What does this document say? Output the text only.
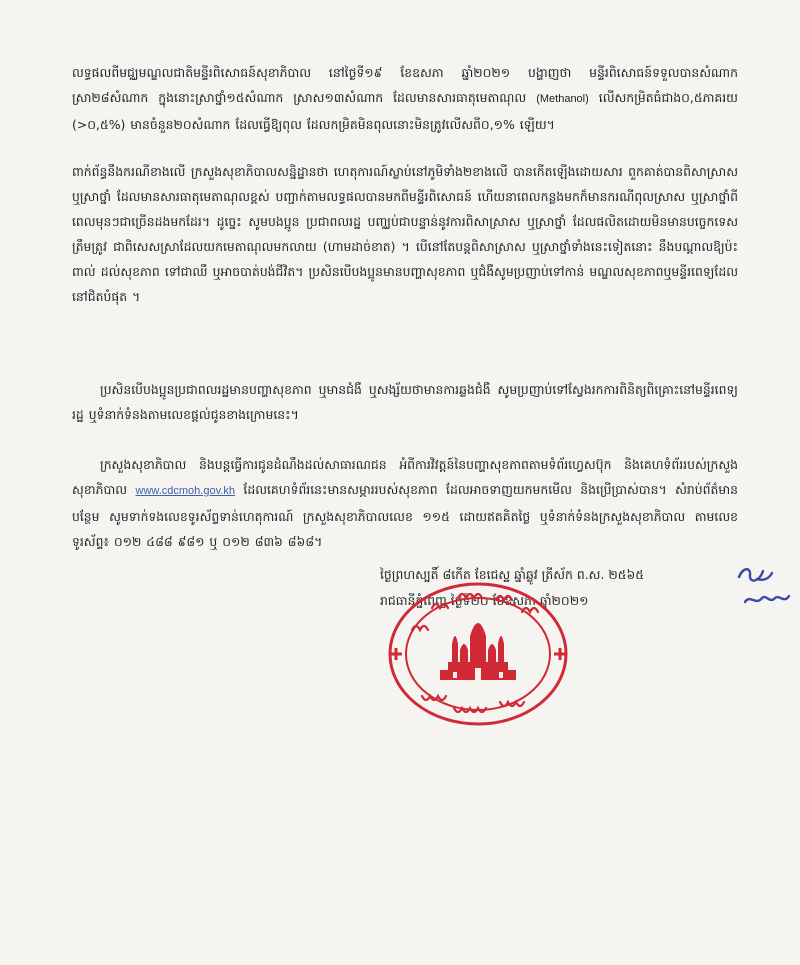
លទ្ធផលពីមជ្ឈមណ្ឌលជាតិមន្ទីរពិសោធន៍សុខាភិបាល នៅថ្ងៃទី១៩ ខែឧសភា ឆ្នាំ២០២១ បង្ហាញថា មន្ទីរពិសោធន៍ទទួលបានសំណាកស្រា២៨សំណាក ក្នុងនោះស្រាថ្នាំ១៥សំណាក ស្រាស១៣សំណាក ដែលមានសារធាតុមេតាណុល (Methanol) លើសកម្រិតធំជាង០,៥ភាគរយ (>០,៥%) មានចំនួន២០សំណាក ដែលធ្វើឱ្យពុល ដែលកម្រិតមិនពុលនោះមិនត្រូវលើសពី០,១% ឡើយ។
ពាក់ព័ន្ធនឹងករណីខាងលើ ក្រសួងសុខាភិបាលសន្និដ្ឋានថា ហេតុការណ៍ស្លាប់នៅភូមិទាំង២ខាងលើ បានកើតឡើងដោយសារ ពួកគាត់បានពិសាស្រាស ឬស្រាថ្នាំ ដែលមានសារធាតុមេតាណុលខ្ពស់ បញ្ជាក់តាមលទ្ធផលបានមកពីមន្ទីរពិសោធន៍ ហើយនាពេលកន្លងមកក៏មានករណីពុលស្រាស ឬស្រាថ្នាំពីពេលមុនៗជាច្រើនដងមកដែរ។ ដូច្នេះ សូមបងប្អូន ប្រជាពលរដ្ឋ បញ្ឈប់ជាបន្ទាន់នូវការពិសាស្រាស ឬស្រាថ្នាំ ដែលផលិតដោយមិនមានបច្ចេកទេសត្រឹមត្រូវ ជាពិសេសស្រាដែលយកមេតាណុលមកលាយ (ហាមដាច់ខាត) ។ បើនៅតែបន្តពិសាស្រាស ឬស្រាថ្នាំទាំងនេះទៀតនោះ នឹងបណ្តាលឱ្យប៉ះពាល់ ដល់សុខភាព ទៅជាឈឺ ឬអាចបាត់បង់ជីវិត។ ប្រសិនបើបងប្អូនមានបញ្ហាសុខភាព ឬជំងឺសូមប្រញាប់ទៅកាន់ មណ្ឌលសុខភាពឬមន្ទីរពេទ្យដែលនៅជិតបំផុត ។
ប្រសិនបើបងប្អូនប្រជាពលរដ្ឋមានបញ្ហាសុខភាព ឬមានជំងឺ ឬសង្ស័យថាមានការឆ្លងជំងឺ សូមប្រញាប់ទៅស្វែងរកការពិនិត្យពិគ្រោះនៅមន្ទីរពេទ្យរដ្ឋ ឬទំនាក់ទំនងតាមលេខផ្តល់ជូនខាងក្រោមនេះ។
ក្រសួងសុខាភិបាល និងបន្តធ្វើការជូនដំណឹងដល់សាធារណជន អំពីការវិវត្តន៍នៃបញ្ហាសុខភាពតាមទំព័រហ្វេសប៊ុក និងគេហទំព័ររបស់ក្រសួងសុខាភិបាល www.cdcmoh.gov.kh ដែលគេហទំព័រនេះមានសម្ភាររបស់សុខភាព ដែលអាចទាញយកមកមើល និងប្រើប្រាស់បាន។ សំរាប់ព័ត៌មានបន្ថែម សូមទាក់ទងលេខទូរស័ព្ទទាន់ហេតុការណ៍ ក្រសួងសុខាភិបាលលេខ ១១៥ ដោយឥតគិតថ្លៃ ឬទំនាក់ទំនងក្រសួងសុខាភិបាល តាមលេខទូរស័ព្ទ៖ ០១២ ៤៨៨ ៩៨១ ឬ ០១២ ៨៣៦ ៨៦៨។
ថ្ងៃព្រហស្បតិ៍ ៨កើត ខែជេស្ឋ ឆ្នាំឆ្លូវ ត្រីស័ក ព.ស. ២៥៦៥
រាជធានីភ្នំពេញ ថ្ងៃទី២០ ខែឧសភា ឆ្នាំ២០២១
